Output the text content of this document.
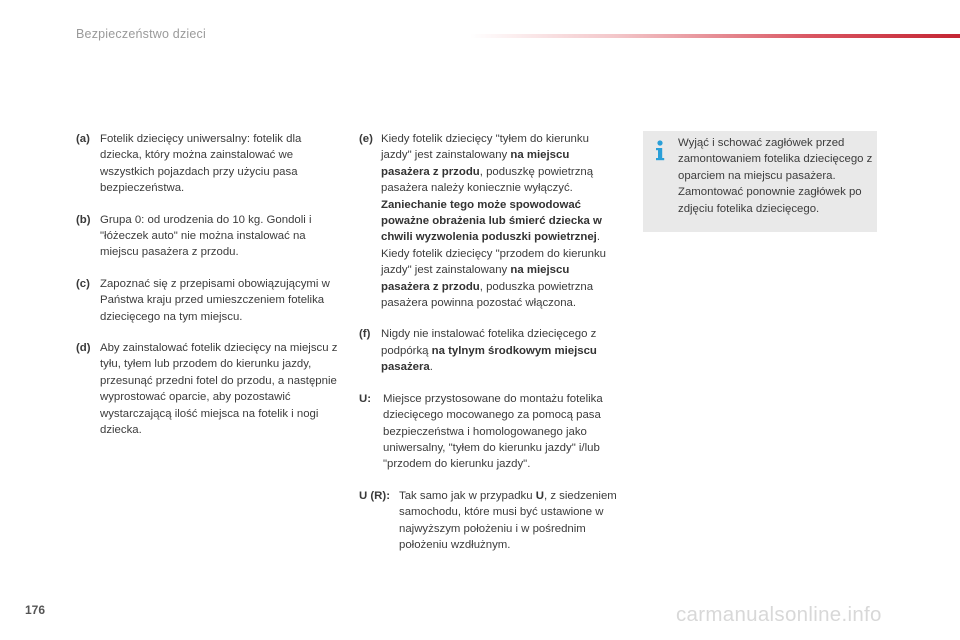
Bezpieczeństwo dzieci
(a) Fotelik dziecięcy uniwersalny: fotelik dla dziecka, który można zainstalować we wszystkich pojazdach przy użyciu pasa bezpieczeństwa.
(b) Grupa 0: od urodzenia do 10 kg. Gondoli i "łóżeczek auto" nie można instalować na miejscu pasażera z przodu.
(c) Zapoznać się z przepisami obowiązującymi w Państwa kraju przed umieszczeniem fotelika dziecięcego na tym miejscu.
(d) Aby zainstalować fotelik dziecięcy na miejscu z tyłu, tyłem lub przodem do kierunku jazdy, przesunąć przedni fotel do przodu, a następnie wyprostować oparcie, aby pozostawić wystarczającą ilość miejsca na fotelik i nogi dziecka.
(e) Kiedy fotelik dziecięcy "tyłem do kierunku jazdy" jest zainstalowany na miejscu pasażera z przodu, poduszkę powietrzną pasażera należy koniecznie wyłączyć. Zaniechanie tego może spowodować poważne obrażenia lub śmierć dziecka w chwili wyzwolenia poduszki powietrznej. Kiedy fotelik dziecięcy "przodem do kierunku jazdy" jest zainstalowany na miejscu pasażera z przodu, poduszka powietrzna pasażera powinna pozostać włączona.
(f) Nigdy nie instalować fotelika dziecięcego z podpórką na tylnym środkowym miejscu pasażera.
U:	Miejsce przystosowane do montażu fotelika dziecięcego mocowanego za pomocą pasa bezpieczeństwa i homologowanego jako uniwersalny, "tyłem do kierunku jazdy" i/lub "przodem do kierunku jazdy".
U (R): Tak samo jak w przypadku U, z siedzeniem samochodu, które musi być ustawione w najwyższym położeniu i w pośrednim położeniu wzdłużnym.
Wyjąć i schować zagłówek przed zamontowaniem fotelika dziecięcego z oparciem na miejscu pasażera. Zamontować ponownie zagłówek po zdjęciu fotelika dziecięcego.
176	carmanualsonline.info
